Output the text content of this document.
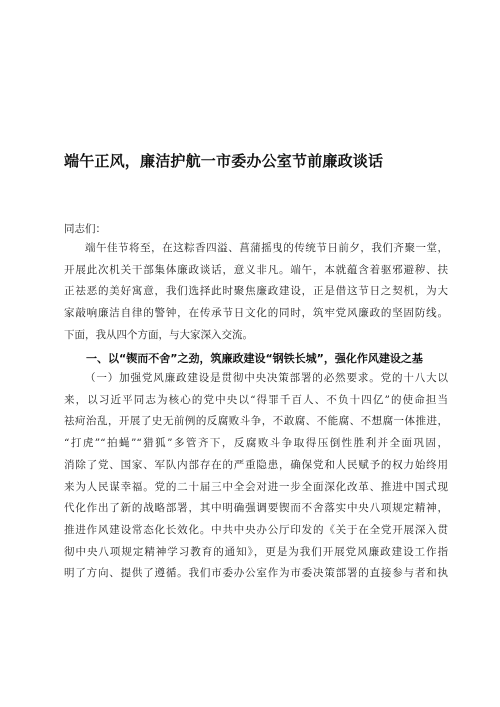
端午正风，廉洁护航一市委办公室节前廉政谈话
同志们：
端午佳节将至，在这粽香四溢、菖蒲摇曳的传统节日前夕，我们齐聚一堂，
开展此次机关干部集体廉政谈话，意义非凡。端午，本就蕴含着驱邪避秽、扶
正祛恶的美好寓意，我们选择此时聚焦廉政建设，正是借这节日之契机，为大
家敲响廉洁自律的警钟，在传承节日文化的同时，筑牢党风廉政的坚固防线。
下面，我从四个方面，与大家深入交流。
一、以“锲而不舍”之劲，筑廉政建设“钢铁长城”，强化作风建设之基
（一）加强党风廉政建设是贯彻中央决策部署的必然要求。党的十八大以
来，以习近平同志为核心的党中央以“得罪千百人、不负十四亿”的使命担当
祛疴治乱，开展了史无前例的反腐败斗争，不敢腐、不能腐、不想腐一体推进，
“打虎”“拍蝇”“猎狐”多管齐下，反腐败斗争取得压倒性胜利并全面巩固，
消除了党、国家、军队内部存在的严重隐患，确保党和人民赋予的权力始终用
来为人民谋幸福。党的二十届三中全会对进一步全面深化改革、推进中国式现
代化作出了新的战略部署，其中明确强调要锲而不舍落实中央八项规定精神，
推进作风建设常态化长效化。中共中央办公厅印发的《关于在全党开展深入贯
彻中央八项规定精神学习教育的通知》，更是为我们开展党风廉政建设工作指
明了方向、提供了遵循。我们市委办公室作为市委决策部署的直接参与者和执
